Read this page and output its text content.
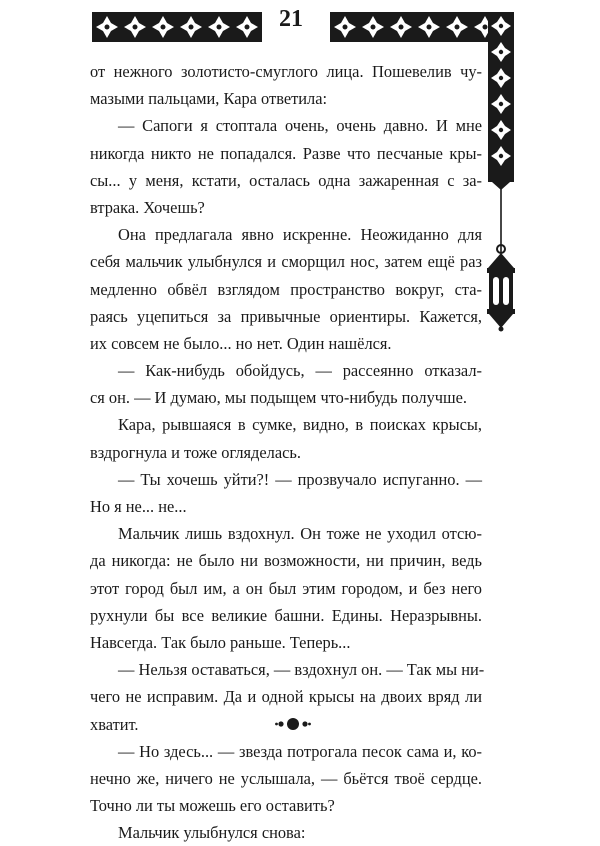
21
от нежного золотисто-смуглого лица. Пошевелив чу-
мазыми пальцами, Кара ответила:
— Сапоги я стоптала очень, очень давно. И мне
никогда никто не попадался. Разве что песчаные кры-
сы... у меня, кстати, осталась одна зажаренная с за-
втрака. Хочешь?
Она предлагала явно искренне. Неожиданно для
себя мальчик улыбнулся и сморщил нос, затем ещё раз
медленно обвёл взглядом пространство вокруг, ста-
раясь уцепиться за привычные ориентиры. Кажется,
их совсем не было... но нет. Один нашёлся.
— Как-нибудь обойдусь, — рассеянно отказал-
ся он. — И думаю, мы подыщем что-нибудь получше.
Кара, рывшаяся в сумке, видно, в поисках крысы,
вздрогнула и тоже огляделась.
— Ты хочешь уйти?! — прозвучало испуганно. —
Но я не... не...
Мальчик лишь вздохнул. Он тоже не уходил отсю-
да никогда: не было ни возможности, ни причин, ведь
этот город был им, а он был этим городом, и без него
рухнули бы все великие башни. Едины. Неразрывны.
Навсегда. Так было раньше. Теперь...
— Нельзя оставаться, — вздохнул он. — Так мы ни-
чего не исправим. Да и одной крысы на двоих вряд ли
хватит.
— Но здесь... — звезда потрогала песок сама и, ко-
нечно же, ничего не услышала, — бьётся твоё сердце.
Точно ли ты можешь его оставить?
Мальчик улыбнулся снова:
